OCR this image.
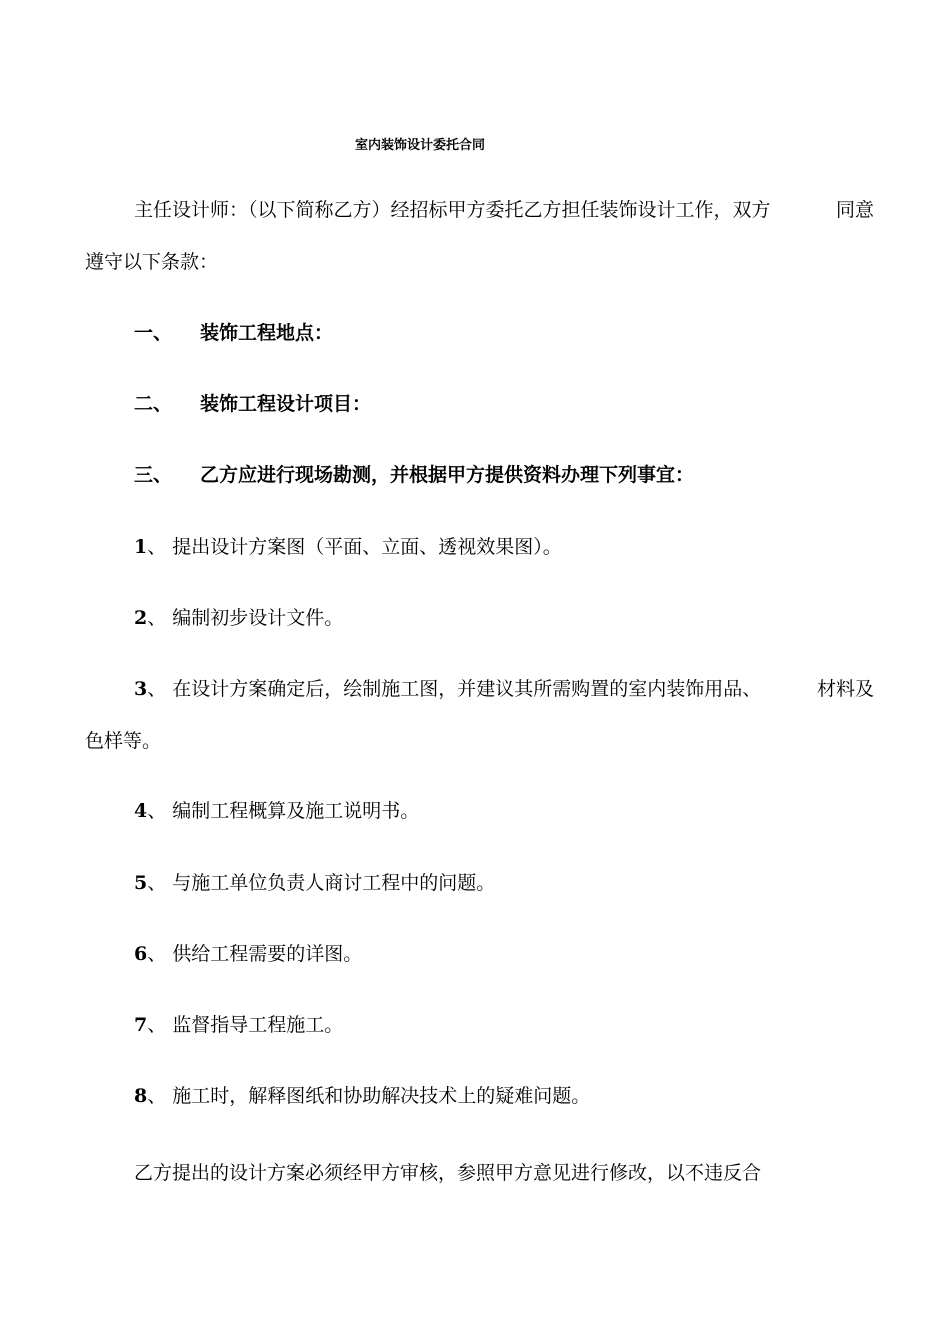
室内装饰设计委托合同
主任设计师：（以下简称乙方）经招标甲方委托乙方担任装饰设计工作，双方	同意
遵守以下条款：
一、 装饰工程地点：
二、 装饰工程设计项目：
三、 乙方应进行现场勘测，并根据甲方提供资料办理下列事宜：
1、 提出设计方案图（平面、立面、透视效果图）。
2、 编制初步设计文件。
3、 在设计方案确定后，绘制施工图，并建议其所需购置的室内装饰用品、	材料及
色样等。
4、 编制工程概算及施工说明书。
5、 与施工单位负责人商讨工程中的问题。
6、 供给工程需要的详图。
7、 监督指导工程施工。
8、 施工时，解释图纸和协助解决技术上的疑难问题。
乙方提出的设计方案必须经甲方审核，参照甲方意见进行修改，以不违反合
